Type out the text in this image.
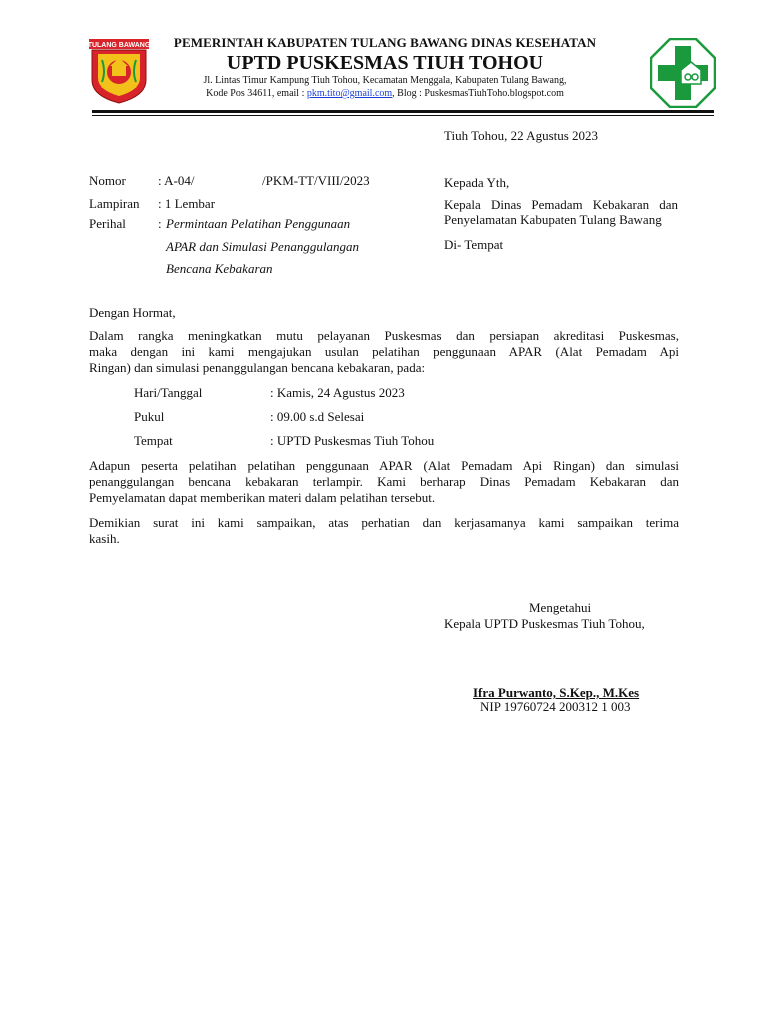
TULANG BAWANG	PEMERINTAH KABUPATEN TULANG BAWANG DINAS KESEHATAN
UPTD PUSKESMAS TIUH TOHOU
Jl. Lintas Timur Kampung Tiuh Tohou, Kecamatan Menggala, Kabupaten Tulang Bawang,
Kode Pos 34611, email : pkm.tito@gmail.com, Blog : PuskesmasTiuhToho.blogspot.com
Tiuh Tohou, 22 Agustus 2023
Nomor : A-04/	/PKM-TT/VIII/2023
Lampiran : 1 Lembar
Perihal : Permintaan Pelatihan Penggunaan
APAR dan Simulasi Penanggulangan
Bencana Kebakaran
Kepada Yth,
Kepala Dinas Pemadam Kebakaran dan
Penyelamatan Kabupaten Tulang Bawang
Di- Tempat
Dengan Hormat,
Dalam rangka meningkatkan mutu pelayanan Puskesmas dan persiapan akreditasi Puskesmas,
maka dengan ini kami mengajukan usulan pelatihan penggunaan APAR (Alat Pemadam Api
Ringan) dan simulasi penanggulangan bencana kebakaran, pada:
Hari/Tanggal	: Kamis, 24 Agustus 2023
Pukul	: 09.00 s.d Selesai
Tempat	: UPTD Puskesmas Tiuh Tohou
Adapun peserta pelatihan pelatihan penggunaan APAR (Alat Pemadam Api Ringan) dan simulasi
penanggulangan bencana kebakaran terlampir. Kami berharap Dinas Pemadam Kebakaran dan
Pemyelamatan dapat memberikan materi dalam pelatihan tersebut.
Demikian surat ini kami sampaikan, atas perhatian dan kerjasamanya kami sampaikan terima
kasih.
Mengetahui
Kepala UPTD Puskesmas Tiuh Tohou,
Ifra Purwanto, S.Kep., M.Kes
NIP 19760724 200312 1 003
